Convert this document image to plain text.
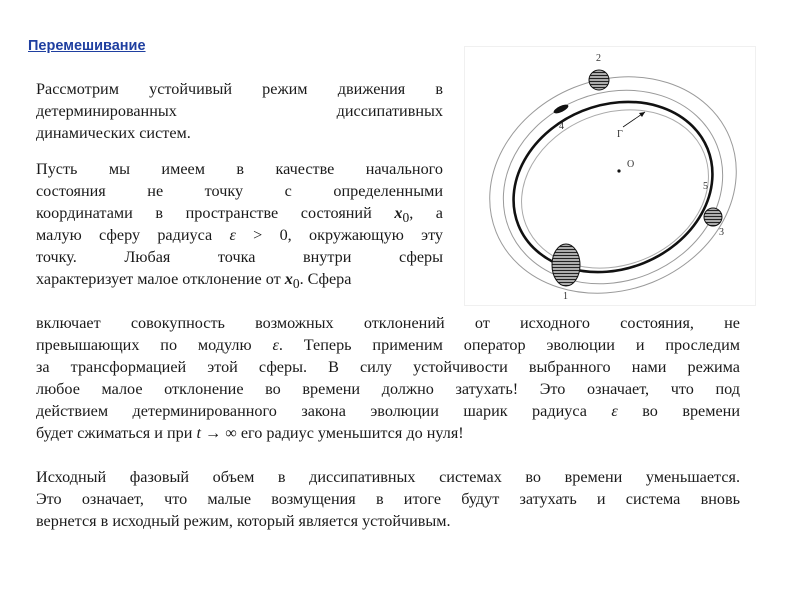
Перемешивание
Рассмотрим устойчивый режим движения в
детерминированных диссипативных
динамических систем.
Пусть мы имеем в качестве начального
состояния не точку с определенными
координатами в пространстве состояний $x_0$, а
малую сферу радиуса ε > 0, окружающую эту
точку. Любая точка внутри сферы
характеризует малое отклонение от $x_0$. Сфера
2
1
3
4
5
Г
O
включает совокупность возможных отклонений от исходного состояния, не
превышающих по модулю ε. Теперь применим оператор эволюции и проследим
за трансформацией этой сферы. В силу устойчивости выбранного нами режима
любое малое отклонение во времени должно затухать! Это означает, что под
действием детерминированного закона эволюции шарик радиуса ε во времени
будет сжиматься и при t → ∞ его радиус уменьшится до нуля!
Исходный фазовый объем в диссипативных системах во времени уменьшается.
Это означает, что малые возмущения в итоге будут затухать и система вновь
вернется в исходный режим, который является устойчивым.
